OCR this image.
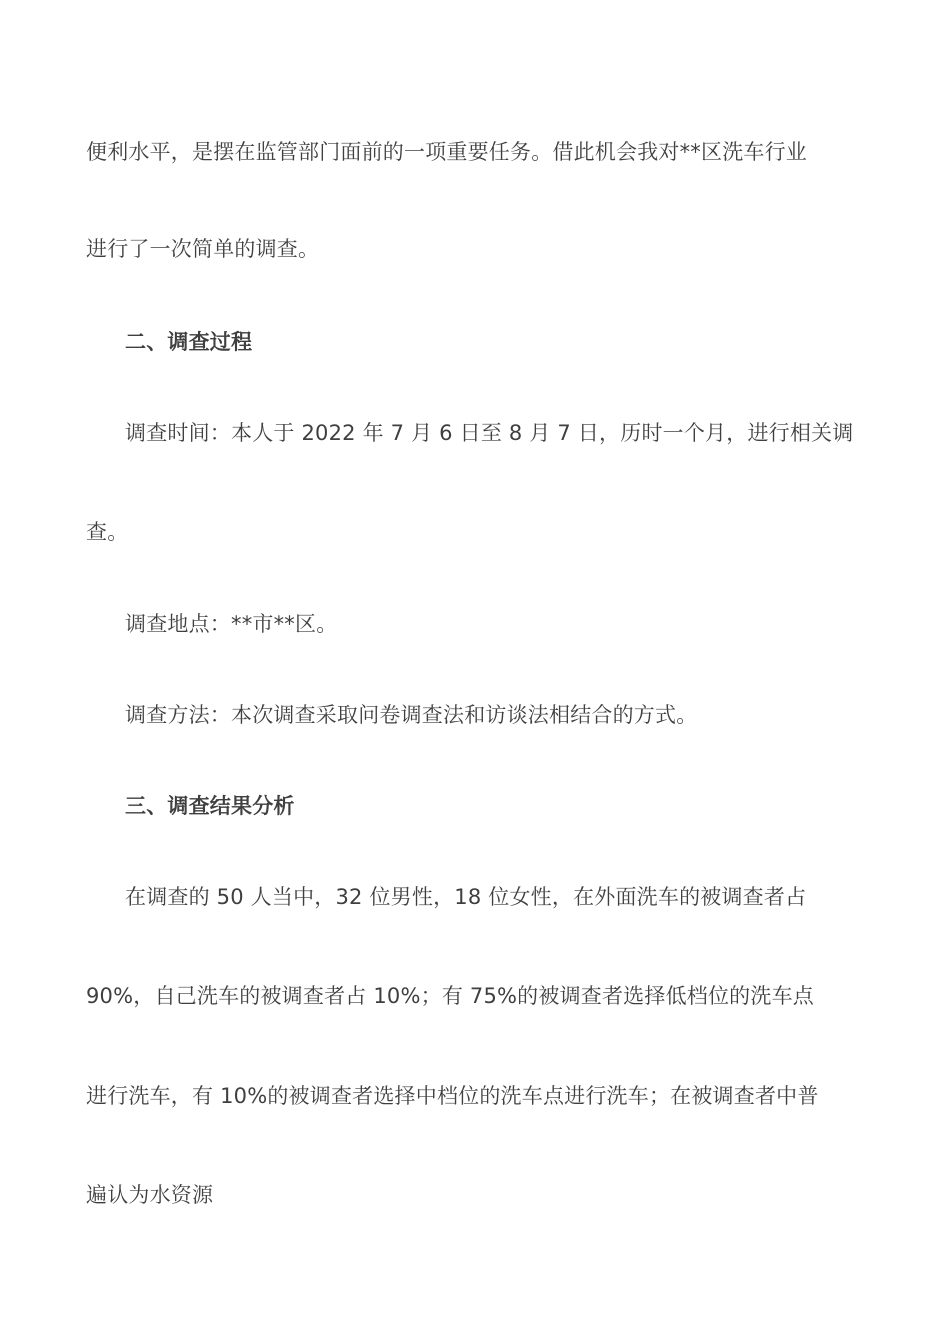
便利水平，是摆在监管部门面前的一项重要任务。借此机会我对**区洗车行业
进行了一次简单的调查。
二、调查过程
调查时间：本人于 2022 年 7 月 6 日至 8 月 7 日，历时一个月，进行相关调
查。
调查地点：**市**区。
调查方法：本次调查采取问卷调查法和访谈法相结合的方式。
三、调查结果分析
在调查的 50 人当中，32 位男性，18 位女性，在外面洗车的被调查者占
90%，自己洗车的被调查者占 10%；有 75%的被调查者选择低档位的洗车点
进行洗车，有 10%的被调查者选择中档位的洗车点进行洗车；在被调查者中普
遍认为水资源
